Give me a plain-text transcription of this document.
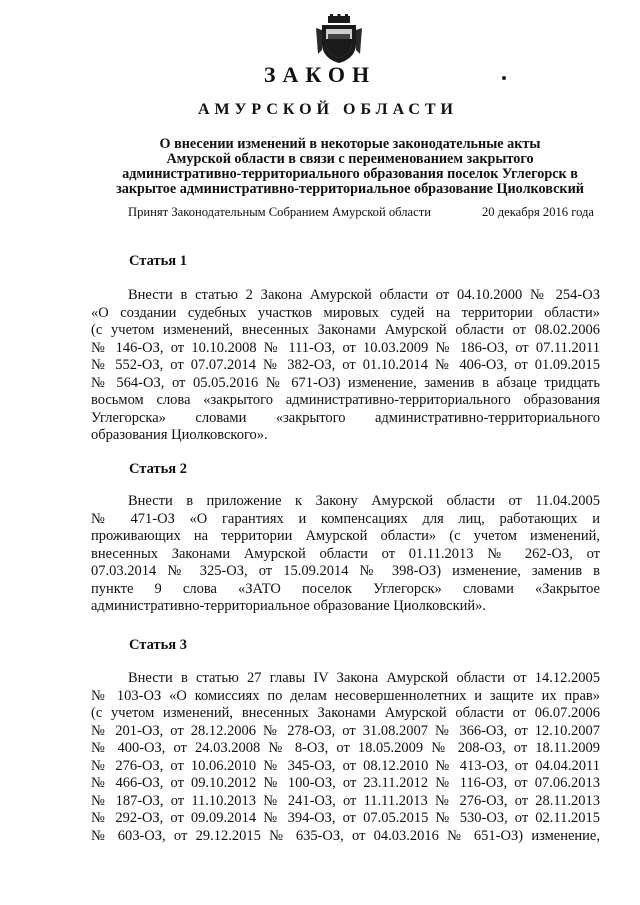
ЗАКОН
АМУРСКОЙ ОБЛАСТИ
О внесении изменений в некоторые законодательные акты
Амурской области в связи с переименованием закрытого
административно-территориального образования поселок Углегорск в
закрытое административно-территориальное образование Циолковский
Принят Законодательным Собранием Амурской области	20 декабря 2016 года
Статья 1
Внести в статью 2 Закона Амурской области от 04.10.2000 № 254-ОЗ
«О создании судебных участков мировых судей на территории области»
(с учетом изменений, внесенных Законами Амурской области от 08.02.2006
№ 146-ОЗ, от 10.10.2008 № 111-ОЗ, от 10.03.2009 № 186-ОЗ, от 07.11.2011
№ 552-ОЗ, от 07.07.2014 № 382-ОЗ, от 01.10.2014 № 406-ОЗ, от 01.09.2015
№ 564-ОЗ, от 05.05.2016 № 671-ОЗ) изменение, заменив в абзаце тридцать
восьмом слова «закрытого административно-территориального образования
Углегорска» словами «закрытого административно-территориального
образования Циолковского».
Статья 2
Внести в приложение к Закону Амурской области от 11.04.2005
№ 471-ОЗ «О гарантиях и компенсациях для лиц, работающих и
проживающих на территории Амурской области» (с учетом изменений,
внесенных Законами Амурской области от 01.11.2013 № 262-ОЗ, от
07.03.2014 № 325-ОЗ, от 15.09.2014 № 398-ОЗ) изменение, заменив в
пункте 9 слова «ЗАТО поселок Углегорск» словами «Закрытое
административно-территориальное образование Циолковский».
Статья 3
Внести в статью 27 главы IV Закона Амурской области от 14.12.2005
№ 103-ОЗ «О комиссиях по делам несовершеннолетних и защите их прав»
(с учетом изменений, внесенных Законами Амурской области от 06.07.2006
№ 201-ОЗ, от 28.12.2006 № 278-ОЗ, от 31.08.2007 № 366-ОЗ, от 12.10.2007
№ 400-ОЗ, от 24.03.2008 № 8-ОЗ, от 18.05.2009 № 208-ОЗ, от 18.11.2009
№ 276-ОЗ, от 10.06.2010 № 345-ОЗ, от 08.12.2010 № 413-ОЗ, от 04.04.2011
№ 466-ОЗ, от 09.10.2012 № 100-ОЗ, от 23.11.2012 № 116-ОЗ, от 07.06.2013
№ 187-ОЗ, от 11.10.2013 № 241-ОЗ, от 11.11.2013 № 276-ОЗ, от 28.11.2013
№ 292-ОЗ, от 09.09.2014 № 394-ОЗ, от 07.05.2015 № 530-ОЗ, от 02.11.2015
№ 603-ОЗ, от 29.12.2015 № 635-ОЗ, от 04.03.2016 № 651-ОЗ) изменение,
